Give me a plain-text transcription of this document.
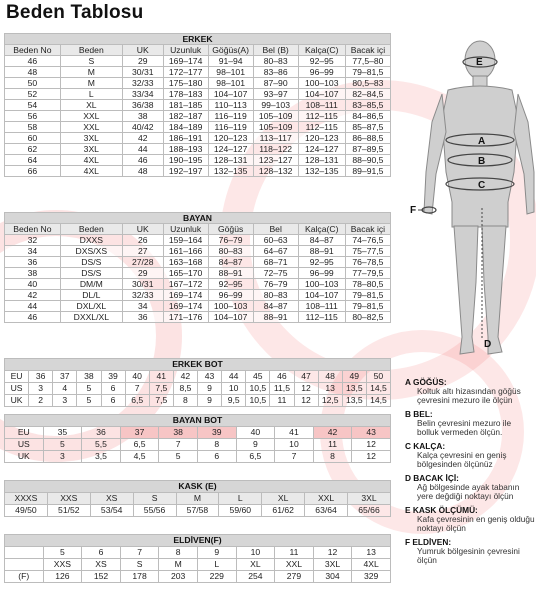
Beden Tablosu
ERKEK							
Beden No	Beden	UK	Uzunluk	Göğüs(A)	Bel (B)	Kalça(C)	Bacak içi
46	S	29	169–174	91–94	80–83	92–95	77,5–80
48	M	30/31	172–177	98–101	83–86	96–99	79–81,5
50	M	32/33	175–180	98–101	87–90	100–103	80,5–83
52	L	33/34	178–183	104–107	93–97	104–107	82–84,5
54	XL	36/38	181–185	110–113	99–103	108–111	83–85,5
56	XXL	38	182–187	116–119	105–109	112–115	84–86,5
58	XXL	40/42	184–189	116–119	105–109	112–115	85–87,5
60	3XL	42	186–191	120–123	113–117	120–123	86–88,5
62	3XL	44	188–193	124–127	118–122	124–127	87–89,5
64	4XL	46	190–195	128–131	123–127	128–131	88–90,5
66	4XL	48	192–197	132–135	128–132	132–135	89–91,5
BAYAN							
Beden No	Beden	UK	Uzunluk	Göğüs	Bel	Kalça(C)	Bacak içi
32	DXXS	26	159–164	76–79	60–63	84–87	74–76,5
34	DXS/XS	27	161–166	80–83	64–67	88–91	75–77,5
36	DS/S	27/28	163–168	84–87	68–71	92–95	76–78,5
38	DS/S	29	165–170	88–91	72–75	96–99	77–79,5
40	DM/M	30/31	167–172	92–95	76–79	100–103	78–80,5
42	DL/L	32/33	169–174	96–99	80–83	104–107	79–81,5
44	DXL/XL	34	169–174	100–103	84–87	108–111	79–81,5
46	DXXL/XL	36	171–176	104–107	88–91	112–115	80–82,5
ERKEK BOT															
EU	36	37	38	39	40	41	42	43	44	45	46	47	48	49	50
US	3	4	5	6	7	7,5	8,5	9	10	10,5	11,5	12	13	13,5	14,5
UK	2	3	5	6	6,5	7,5	8	9	9,5	10,5	11	12	12,5	13,5	14,5
BAYAN BOT									
EU	35	36	37	38	39	40	41	42	43
US	5	5,5	6,5	7	8	9	10	11	12
UK	3	3,5	4,5	5	6	6,5	7	8	12
KASK (E)								
XXXS	XXS	XS	S	M	L	XL	XXL	3XL
49/50	51/52	53/54	55/56	57/58	59/60	61/62	63/64	65/66
ELDİVEN(F)									
	5	6	7	8	9	10	11	12	13
	XXS	XS	S	M	L	XL	XXL	3XL	4XL
(F)	126	152	178	203	229	254	279	304	329
E
A
B
C
F
D
A GÖĞÜS:
Koltuk altı hizasından göğüs çevresini mezuro ile ölçün
B BEL:
Belin çevresini mezuro ile bolluk vermeden ölçün.
C KALÇA:
Kalça çevresini en geniş bölgesinden ölçünüz
D BACAK İÇİ:
Ağ bölgesinde ayak tabanın yere değdiği noktayı ölçün
E KASK ÖLÇÜMÜ:
Kafa çevresinin en geniş olduğu noktayı ölçün
F ELDİVEN:
Yumruk bölgesinin çevresini ölçün
